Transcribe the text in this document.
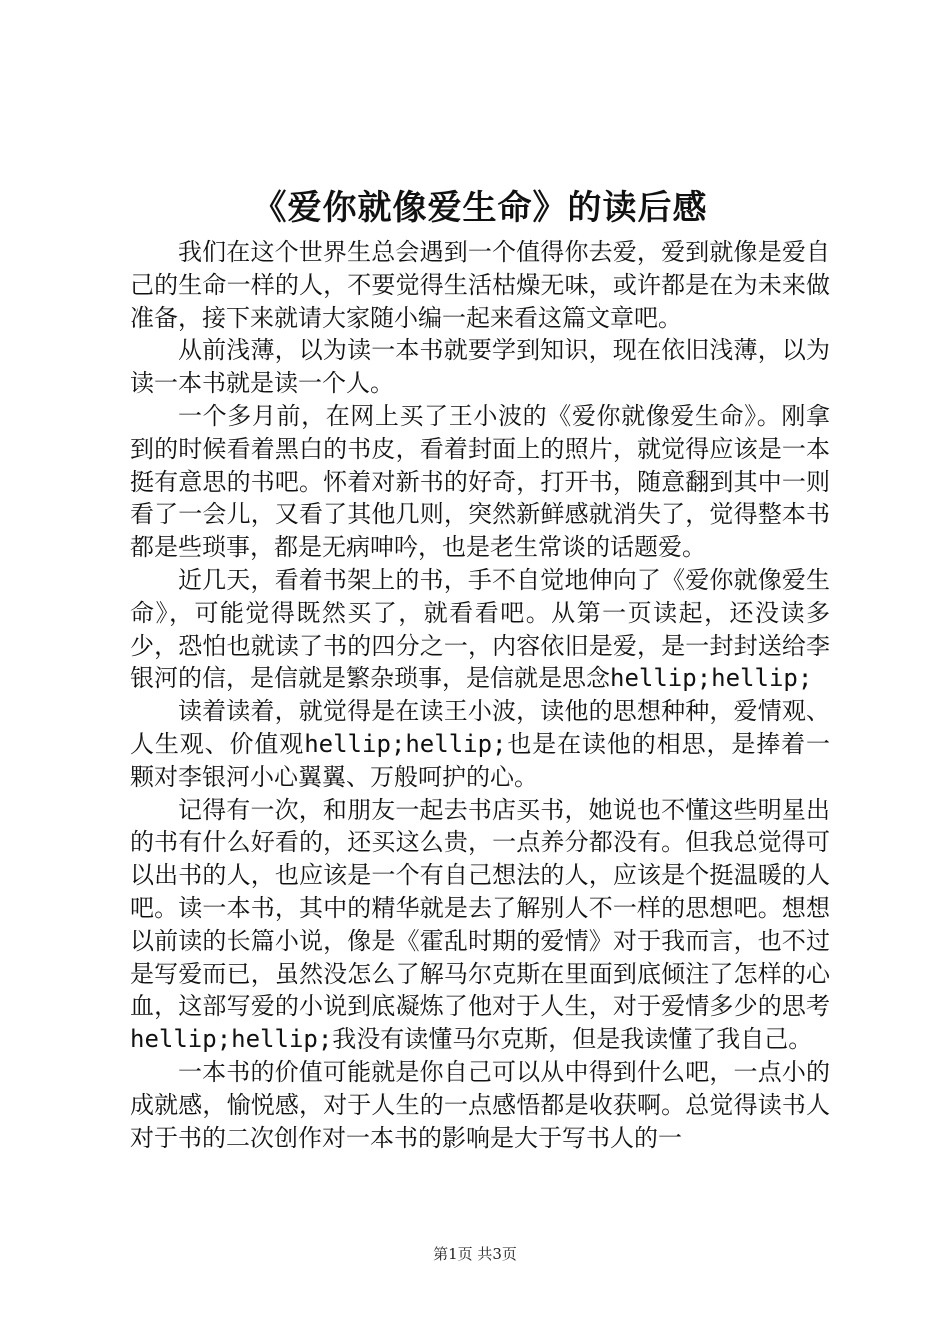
《爱你就像爱生命》的读后感

我们在这个世界生总会遇到一个值得你去爱，爱到就像是爱自己的生命一样的人，不要觉得生活枯燥无味，或许都是在为未来做准备，接下来就请大家随小编一起来看这篇文章吧。

从前浅薄，以为读一本书就要学到知识，现在依旧浅薄，以为读一本书就是读一个人。

一个多月前，在网上买了王小波的《爱你就像爱生命》。刚拿到的时候看着黑白的书皮，看着封面上的照片，就觉得应该是一本挺有意思的书吧。怀着对新书的好奇，打开书，随意翻到其中一则看了一会儿，又看了其他几则，突然新鲜感就消失了，觉得整本书都是些琐事，都是无病呻吟，也是老生常谈的话题爱。

近几天，看着书架上的书，手不自觉地伸向了《爱你就像爱生命》，可能觉得既然买了，就看看吧。从第一页读起，还没读多少，恐怕也就读了书的四分之一，内容依旧是爱，是一封封送给李银河的信，是信就是繁杂琐事，是信就是思念hellip;hellip;

读着读着，就觉得是在读王小波，读他的思想种种，爱情观、人生观、价值观hellip;hellip;也是在读他的相思，是捧着一颗对李银河小心翼翼、万般呵护的心。

记得有一次，和朋友一起去书店买书，她说也不懂这些明星出的书有什么好看的，还买这么贵，一点养分都没有。但我总觉得可以出书的人，也应该是一个有自己想法的人，应该是个挺温暖的人吧。读一本书，其中的精华就是去了解别人不一样的思想吧。想想以前读的长篇小说，像是《霍乱时期的爱情》对于我而言，也不过是写爱而已，虽然没怎么了解马尔克斯在里面到底倾注了怎样的心血，这部写爱的小说到底凝炼了他对于人生，对于爱情多少的思考hellip;hellip;我没有读懂马尔克斯，但是我读懂了我自己。

一本书的价值可能就是你自己可以从中得到什么吧，一点小的成就感，愉悦感，对于人生的一点感悟都是收获啊。总觉得读书人对于书的二次创作对一本书的影响是大于写书人的一

第1页 共3页
